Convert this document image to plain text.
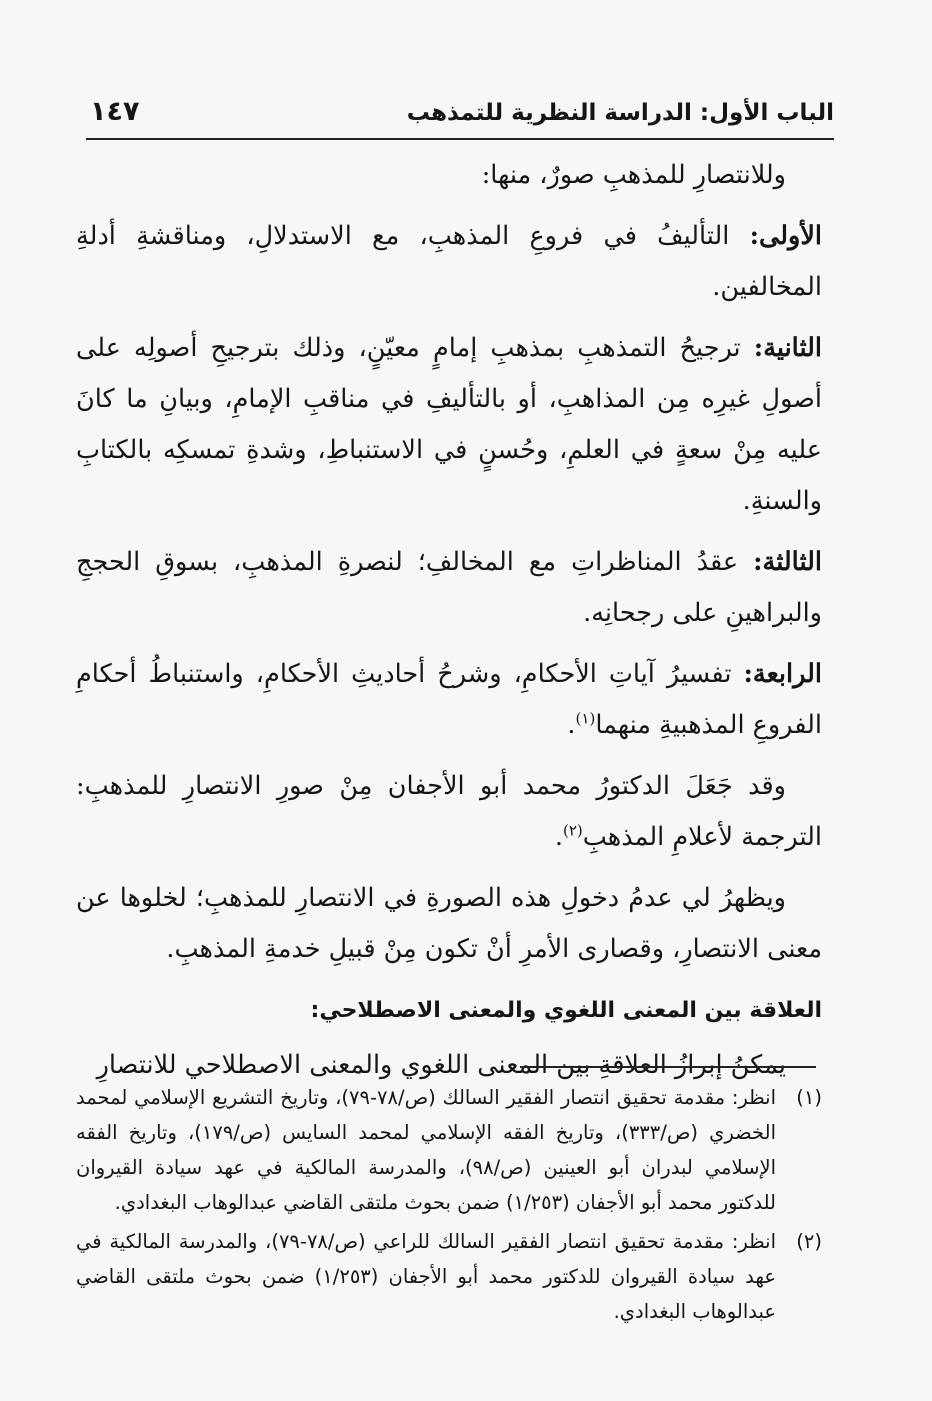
الباب الأول: الدراسة النظرية للتمذهب
١٤٧

وللانتصارِ للمذهبِ صورٌ، منها:

الأولى: التأليفُ في فروعِ المذهبِ، مع الاستدلالِ، ومناقشةِ أدلةِ المخالفين.

الثانية: ترجيحُ التمذهبِ بمذهبِ إمامٍ معيّنٍ، وذلك بترجيحِ أصولِه على أصولِ غيرِه مِن المذاهبِ، أو بالتأليفِ في مناقبِ الإمامِ، وبيانِ ما كانَ عليه مِنْ سعةٍ في العلمِ، وحُسنٍ في الاستنباطِ، وشدةِ تمسكِه بالكتابِ والسنةِ.

الثالثة: عقدُ المناظراتِ مع المخالفِ؛ لنصرةِ المذهبِ، بسوقِ الحججِ والبراهينِ على رجحانِه.

الرابعة: تفسيرُ آياتِ الأحكامِ، وشرحُ أحاديثِ الأحكامِ، واستنباطُ أحكامِ الفروعِ المذهبيةِ منهما$^{(١)}$.

وقد جَعَلَ الدكتورُ محمد أبو الأجفان مِنْ صورِ الانتصارِ للمذهبِ: الترجمة لأعلامِ المذهبِ$^{(٢)}$.

ويظهرُ لي عدمُ دخولِ هذه الصورةِ في الانتصارِ للمذهبِ؛ لخلوها عن معنى الانتصارِ، وقصارى الأمرِ أنْ تكون مِنْ قبيلِ خدمةِ المذهبِ.

العلاقة بين المعنى اللغوي والمعنى الاصطلاحي:

يمكنُ إبرازُ العلاقةِ بين المعنى اللغوي والمعنى الاصطلاحي للانتصارِ

(١)
انظر: مقدمة تحقيق انتصار الفقير السالك (ص/٧٨-٧٩)، وتاريخ التشريع الإسلامي لمحمد الخضري (ص/٣٣٣)، وتاريخ الفقه الإسلامي لمحمد السايس (ص/١٧٩)، وتاريخ الفقه الإسلامي لبدران أبو العينين (ص/٩٨)، والمدرسة المالكية في عهد سيادة القيروان للدكتور محمد أبو الأجفان (١/٢٥٣) ضمن بحوث ملتقى القاضي عبدالوهاب البغدادي.
(٢)
انظر: مقدمة تحقيق انتصار الفقير السالك للراعي (ص/٧٨-٧٩)، والمدرسة المالكية في عهد سيادة القيروان للدكتور محمد أبو الأجفان (١/٢٥٣) ضمن بحوث ملتقى القاضي عبدالوهاب البغدادي.
